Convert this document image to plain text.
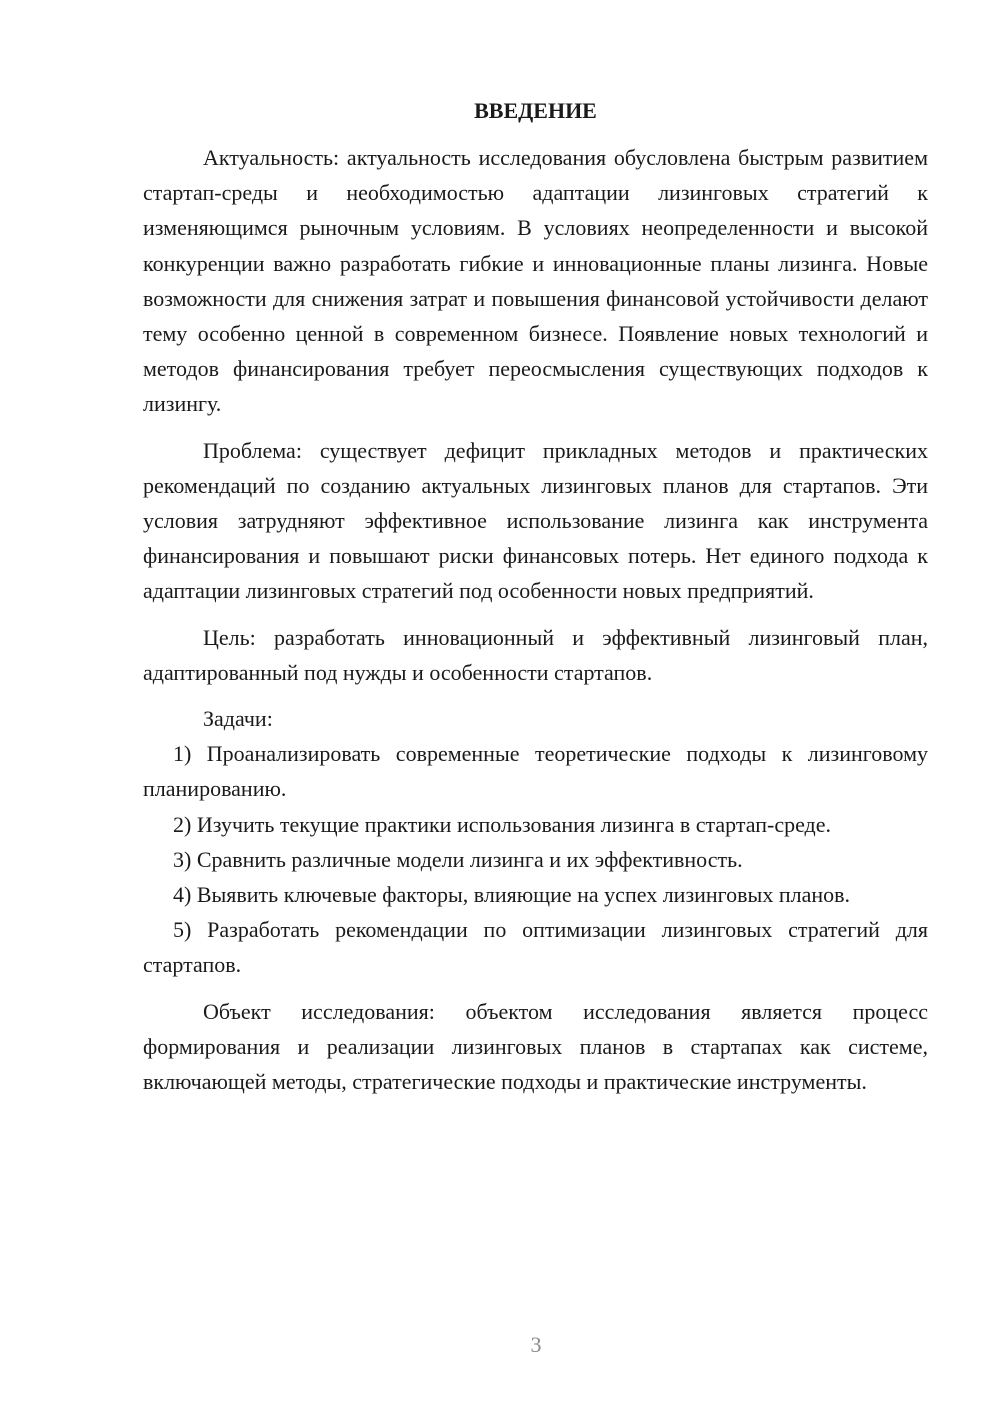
ВВЕДЕНИЕ

Актуальность: актуальность исследования обусловлена быстрым развитием стартап-среды и необходимостью адаптации лизинговых стратегий к изменяющимся рыночным условиям. В условиях неопределенности и высокой конкуренции важно разработать гибкие и инновационные планы лизинга. Новые возможности для снижения затрат и повышения финансовой устойчивости делают тему особенно ценной в современном бизнесе. Появление новых технологий и методов финансирования требует переосмысления существующих подходов к лизингу.

Проблема: существует дефицит прикладных методов и практических рекомендаций по созданию актуальных лизинговых планов для стартапов. Эти условия затрудняют эффективное использование лизинга как инструмента финансирования и повышают риски финансовых потерь. Нет единого подхода к адаптации лизинговых стратегий под особенности новых предприятий.

Цель: разработать инновационный и эффективный лизинговый план, адаптированный под нужды и особенности стартапов.

Задачи:

1) Проанализировать современные теоретические подходы к лизинговому планированию.

2) Изучить текущие практики использования лизинга в стартап-среде.

3) Сравнить различные модели лизинга и их эффективность.

4) Выявить ключевые факторы, влияющие на успех лизинговых планов.

5) Разработать рекомендации по оптимизации лизинговых стратегий для стартапов.

Объект исследования: объектом исследования является процесс формирования и реализации лизинговых планов в стартапах как системе, включающей методы, стратегические подходы и практические инструменты.

3
